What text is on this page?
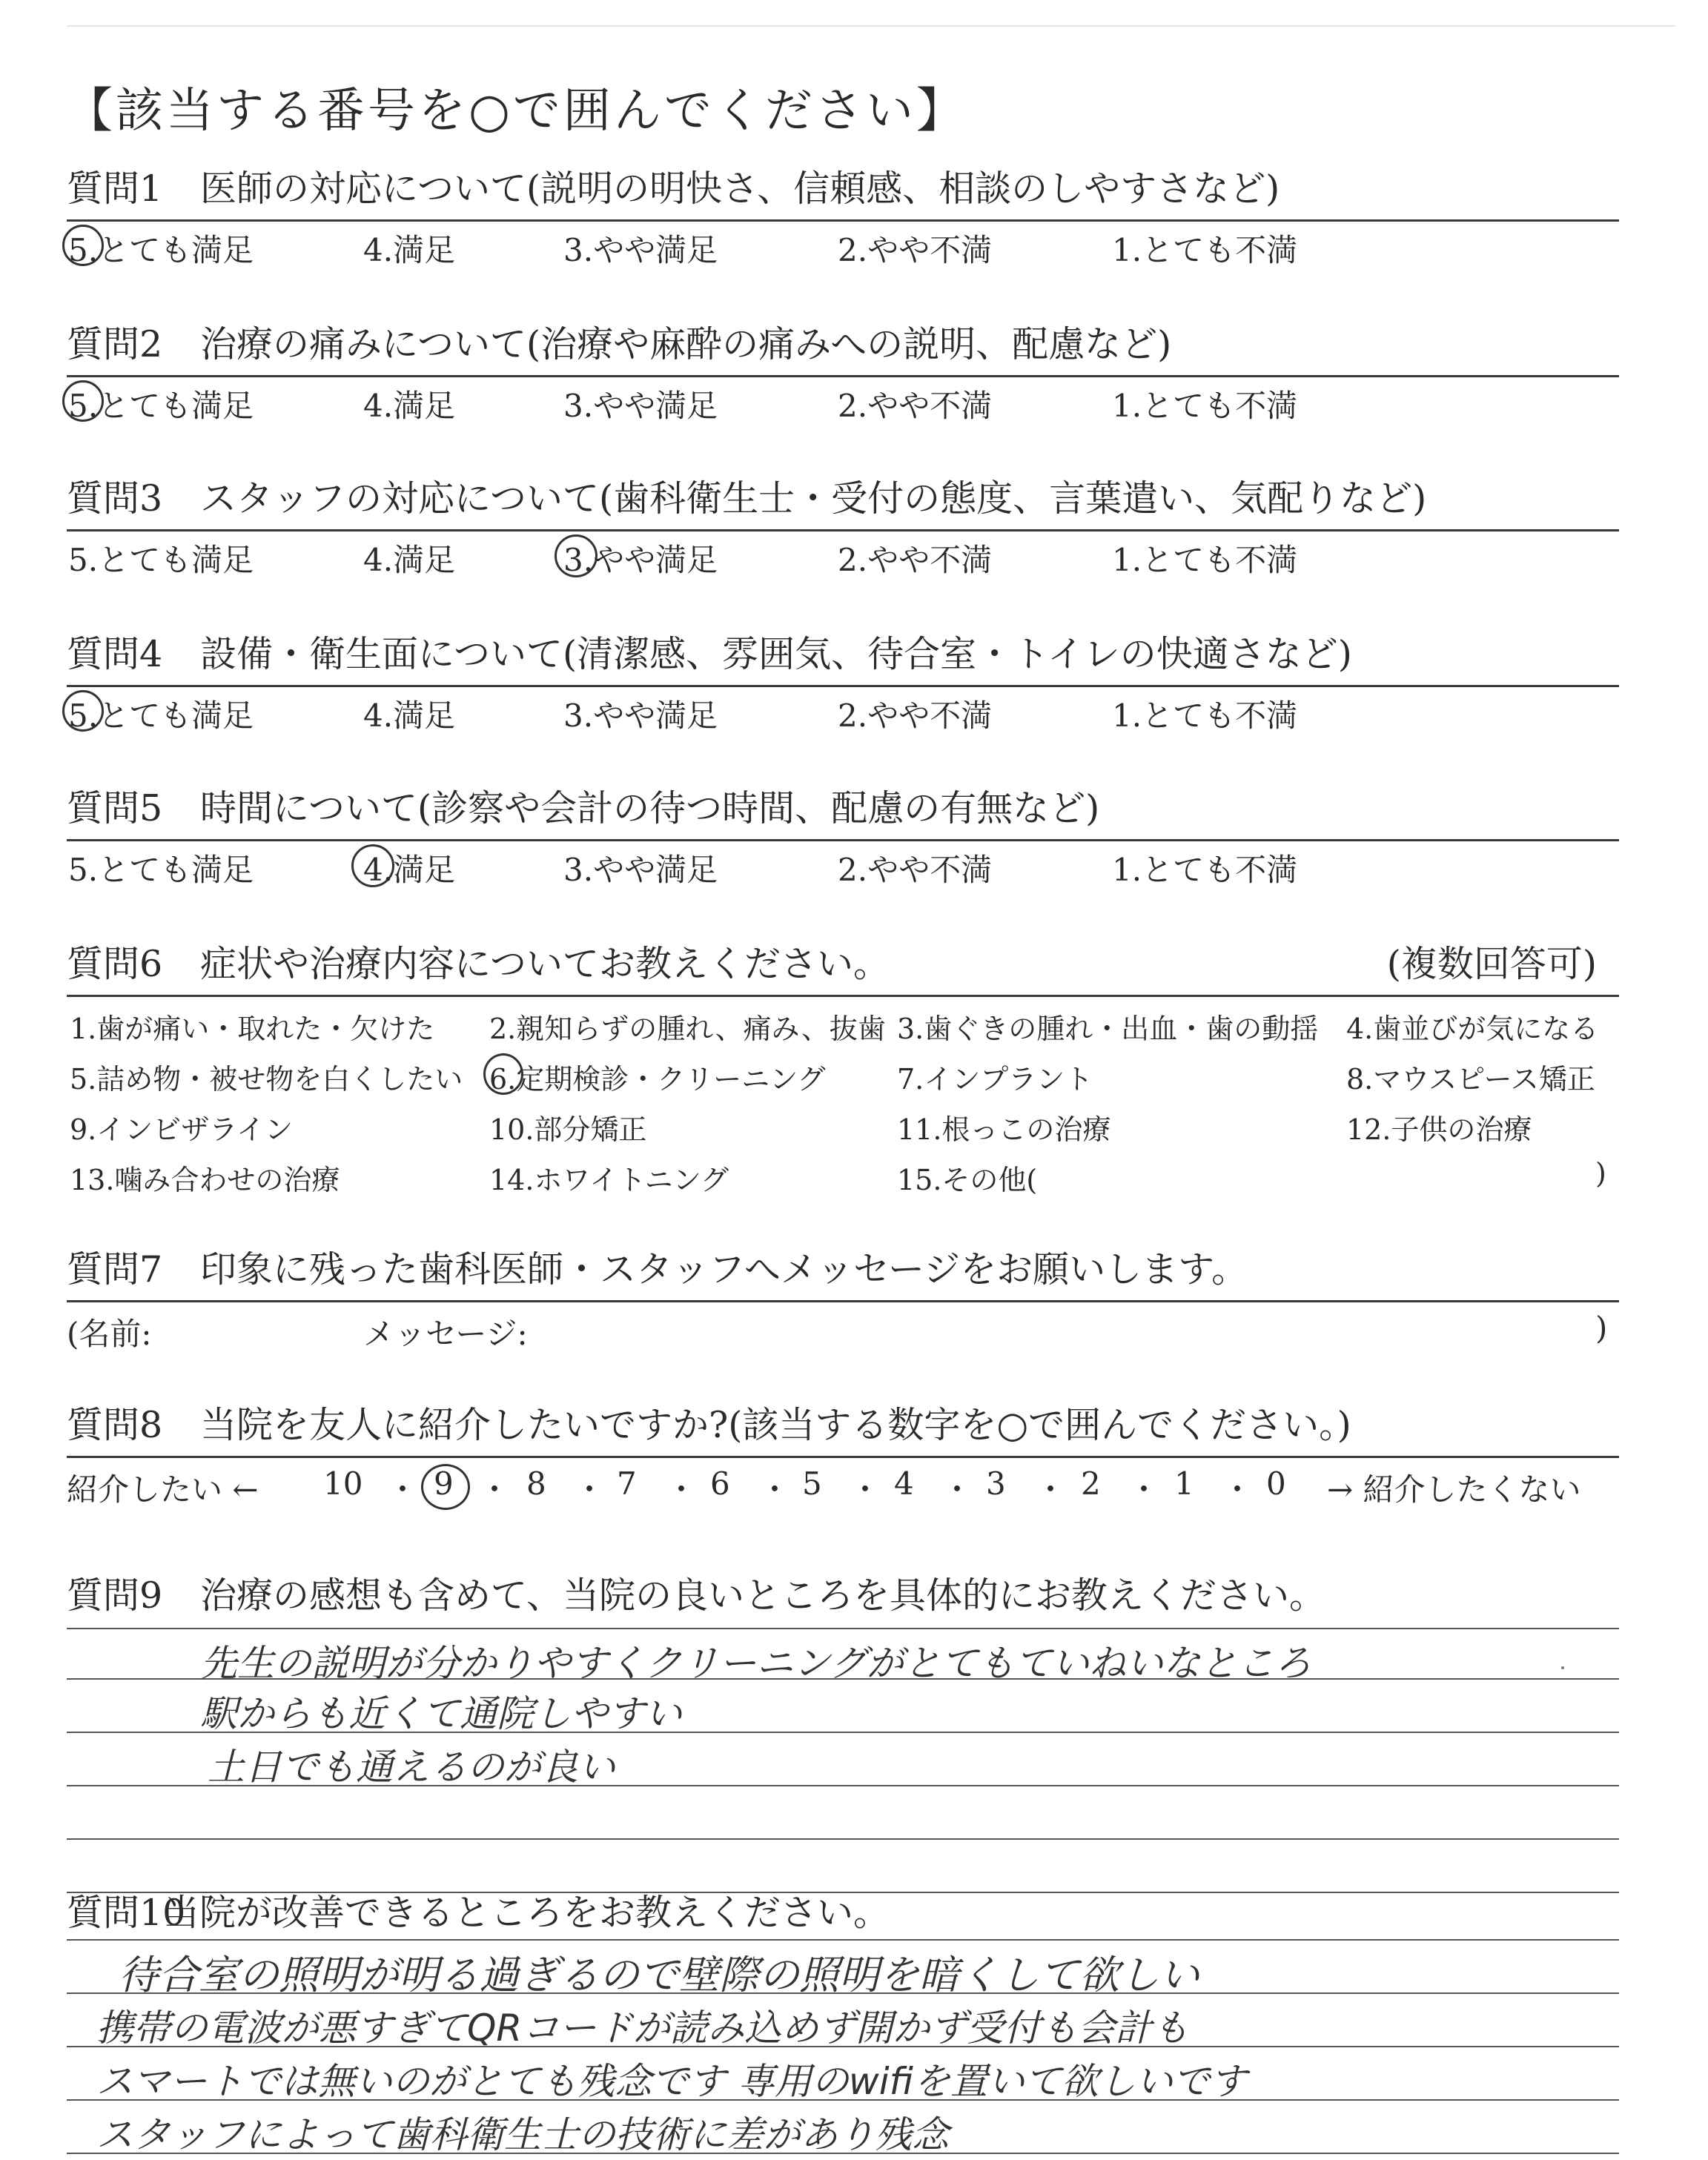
【該当する番号を○で囲んでください】
質問1 医師の対応について(説明の明快さ、信頼感、相談のしやすさなど)
5.とても満足	4.満足	3.やや満足	2.やや不満	1.とても不満
質問2 治療の痛みについて(治療や麻酔の痛みへの説明、配慮など)
5.とても満足	4.満足	3.やや満足	2.やや不満	1.とても不満
質問3 スタッフの対応について(歯科衛生士・受付の態度、言葉遣い、気配りなど)
5.とても満足	4.満足	3.やや満足	2.やや不満	1.とても不満
質問4 設備・衛生面について(清潔感、雰囲気、待合室・トイレの快適さなど)
5.とても満足	4.満足	3.やや満足	2.やや不満	1.とても不満
質問5 時間について(診察や会計の待つ時間、配慮の有無など)
5.とても満足	4.満足	3.やや満足	2.やや不満	1.とても不満
質問6 症状や治療内容についてお教えください。	(複数回答可)
1.歯が痛い・取れた・欠けた 2.親知らずの腫れ、痛み、抜歯 3.歯ぐきの腫れ・出血・歯の動揺 4.歯並びが気になる
5.詰め物・被せ物を白くしたい 6.定期検診・クリーニング	7.インプラント	8.マウスピース矯正
9.インビザライン	10.部分矯正	11.根っこの治療	12.子供の治療
13.噛み合わせの治療	14.ホワイトニング	15.その他(	)
質問7 印象に残った歯科医師・スタッフへメッセージをお願いします。
(名前:	メッセージ:	)
質問8 当院を友人に紹介したいですか?(該当する数字を○で囲んでください。)
紹介したい ← 10 ・ 9 ・ 8 ・ 7 ・ 6 ・ 5 ・ 4 ・ 3 ・ 2 ・ 1 ・ 0 → 紹介したくない
質問9 治療の感想も含めて、当院の良いところを具体的にお教えください。
先生の説明が分かりやすくクリーニングがとてもていねいなところ
駅からも近くて通院しやすい
土日でも通えるのが良い
質問10当院が改善できるところをお教えください。
待合室の照明が明る過ぎるので壁際の照明を暗くして欲しい
携帯の電波が悪すぎてQRコードが読み込めず開かず受付も会計も
スマートでは無いのがとても残念です 専用のwifiを置いて欲しいです
スタッフによって歯科衛生士の技術に差があり残念
